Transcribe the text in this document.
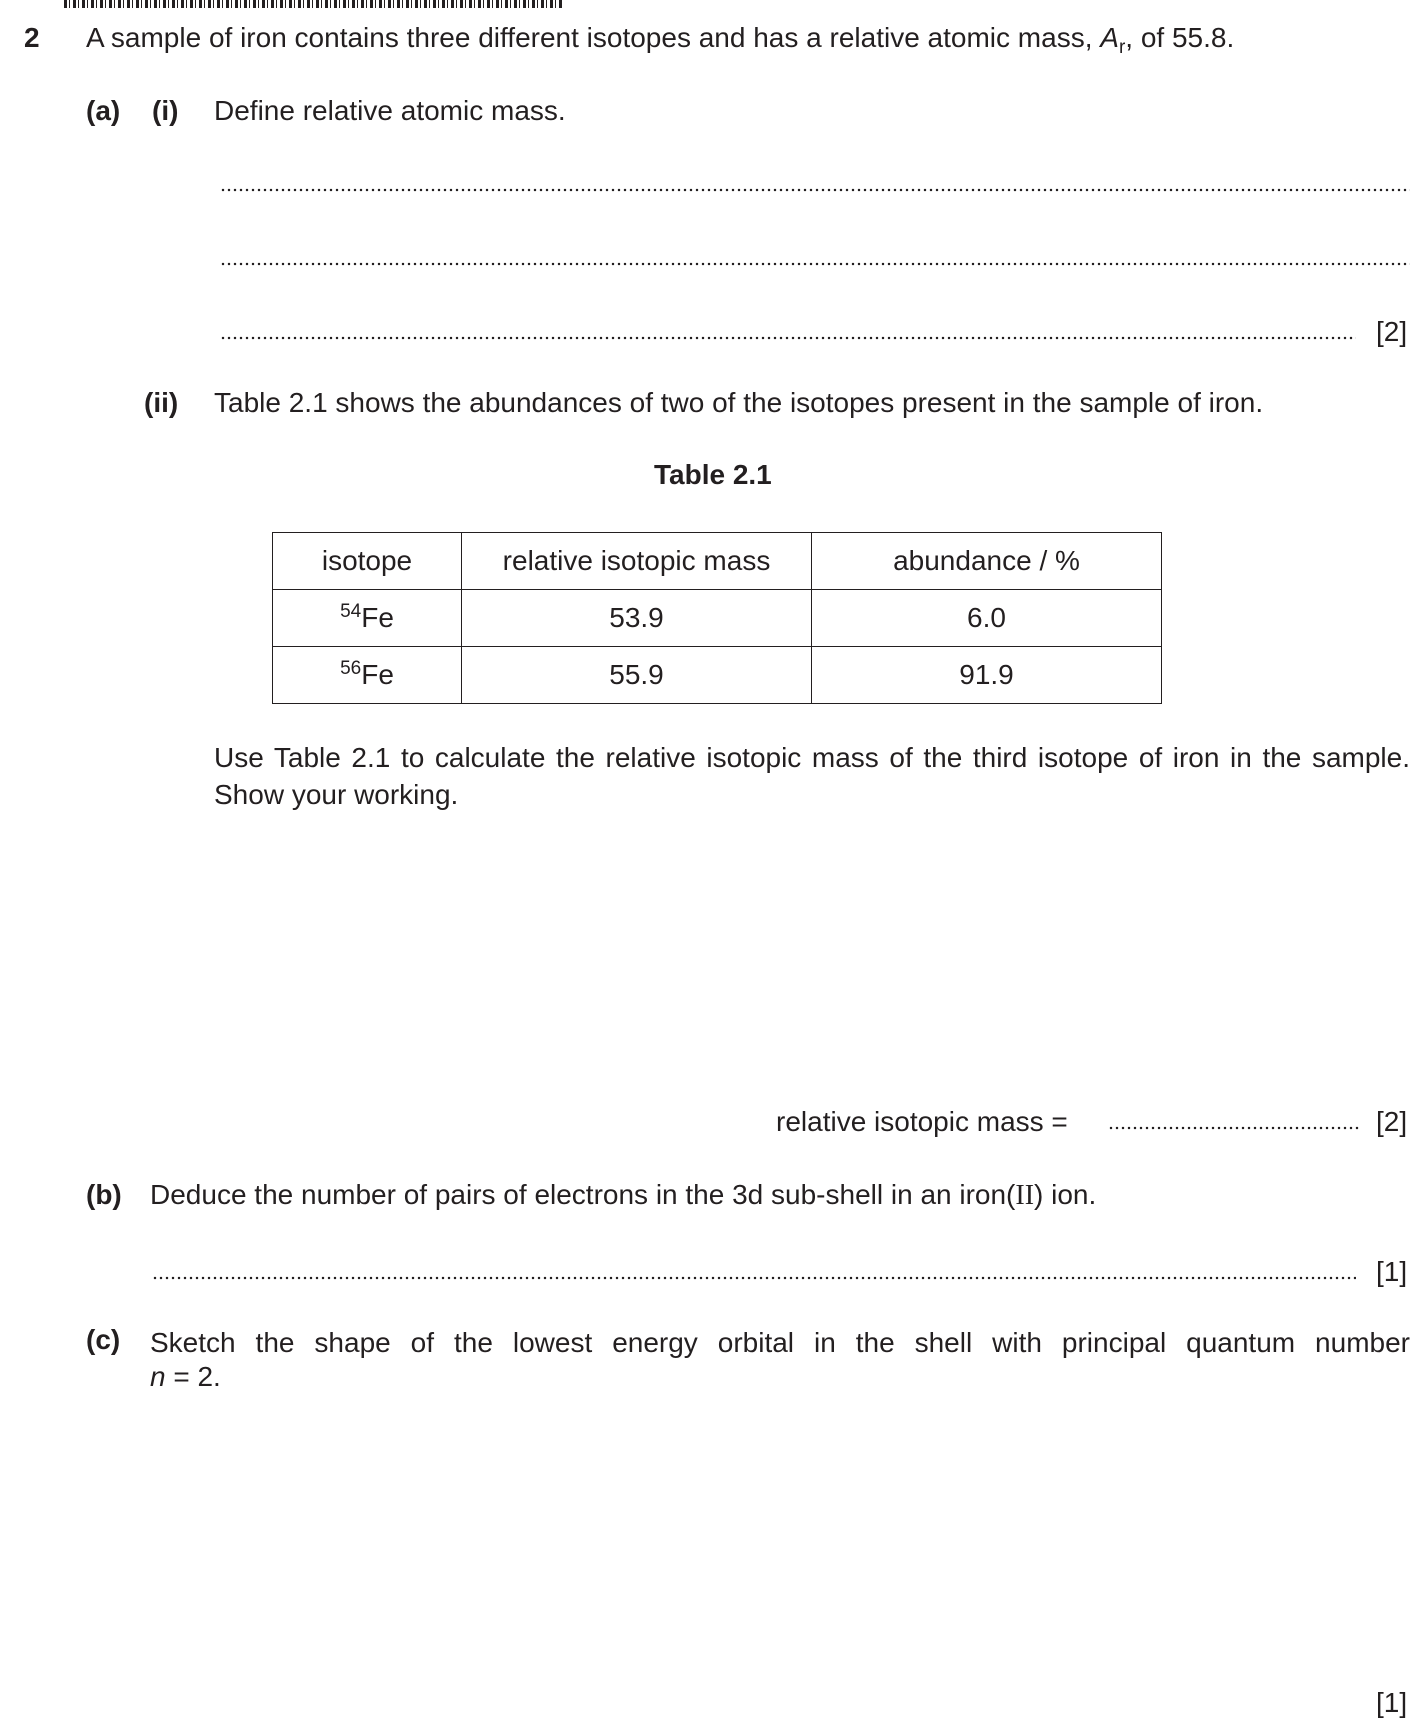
2 A sample of iron contains three different isotopes and has a relative atomic mass, $A_r$, of 55.8.
(a) (i) Define relative atomic mass.
[2]
(ii) Table 2.1 shows the abundances of two of the isotopes present in the sample of iron.
Table 2.1
isotope	relative isotopic mass	abundance / %
$^{54}$Fe	53.9	6.0
$^{56}$Fe	55.9	91.9
Use Table 2.1 to calculate the relative isotopic mass of the third isotope of iron in the sample. Show your working.
relative isotopic mass =	[2]
(b) Deduce the number of pairs of electrons in the 3d sub-shell in an iron(II) ion.
[1]
(c) Sketch the shape of the lowest energy orbital in the shell with principal quantum number
n = 2.
[1]
